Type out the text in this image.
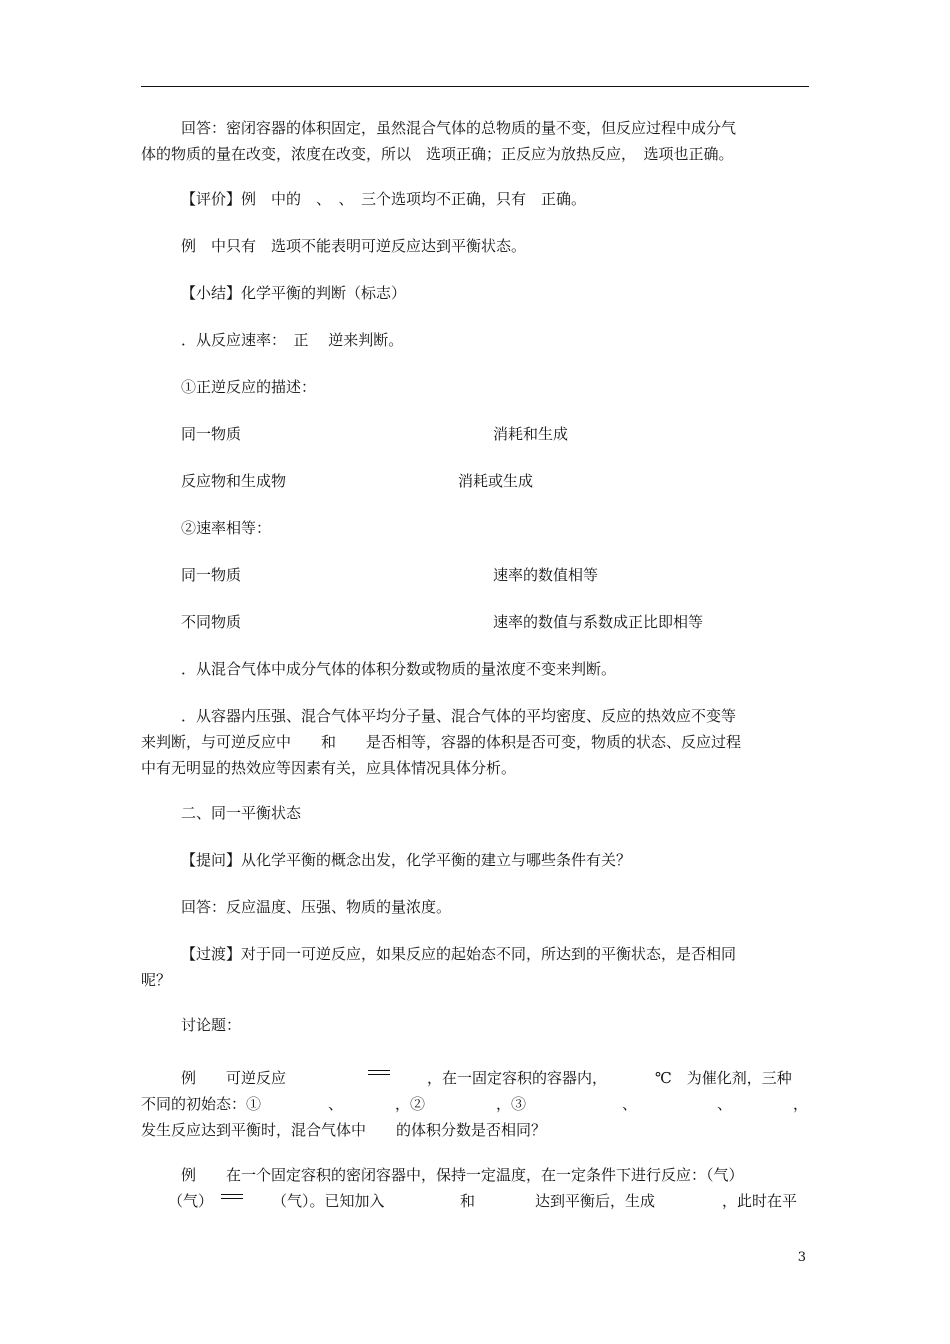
回答：密闭容器的体积固定，虽然混合气体的总物质的量不变，但反应过程中成分气
体的物质的量在改变，浓度在改变，所以　选项正确；正反应为放热反应，　选项也正确。
【评价】例　中的　、　、　三个选项均不正确，只有　正确。
例　中只有　选项不能表明可逆反应达到平衡状态。
【小结】化学平衡的判断（标志）
．从反应速率：　正　 逆来判断。
①正逆反应的描述：
同一物质	消耗和生成
反应物和生成物	消耗或生成
②速率相等：
同一物质	速率的数值相等
不同物质	速率的数值与系数成正比即相等
．从混合气体中成分气体的体积分数或物质的量浓度不变来判断。
．从容器内压强、混合气体平均分子量、混合气体的平均密度、反应的热效应不变等
来判断，与可逆反应中　　和　　是否相等，容器的体积是否可变，物质的状态、反应过程
中有无明显的热效应等因素有关，应具体情况具体分析。
二、同一平衡状态
【提问】从化学平衡的概念出发，化学平衡的建立与哪些条件有关？
回答：反应温度、压强、物质的量浓度。
【过渡】对于同一可逆反应，如果反应的起始态不同，所达到的平衡状态，是否相同
呢？
讨论题：
例　　可逆反应	，在一固定容积的容器内，	℃　为催化剂，三种
不同的初始态：①	、	，②	，③	、	、	，
发生反应达到平衡时，混合气体中　　的体积分数是否相同？
例　　在一个固定容积的密闭容器中，保持一定温度，在一定条件下进行反应：（气）
（气）	（气）。已知加入	和	达到平衡后，生成	，此时在平
3
